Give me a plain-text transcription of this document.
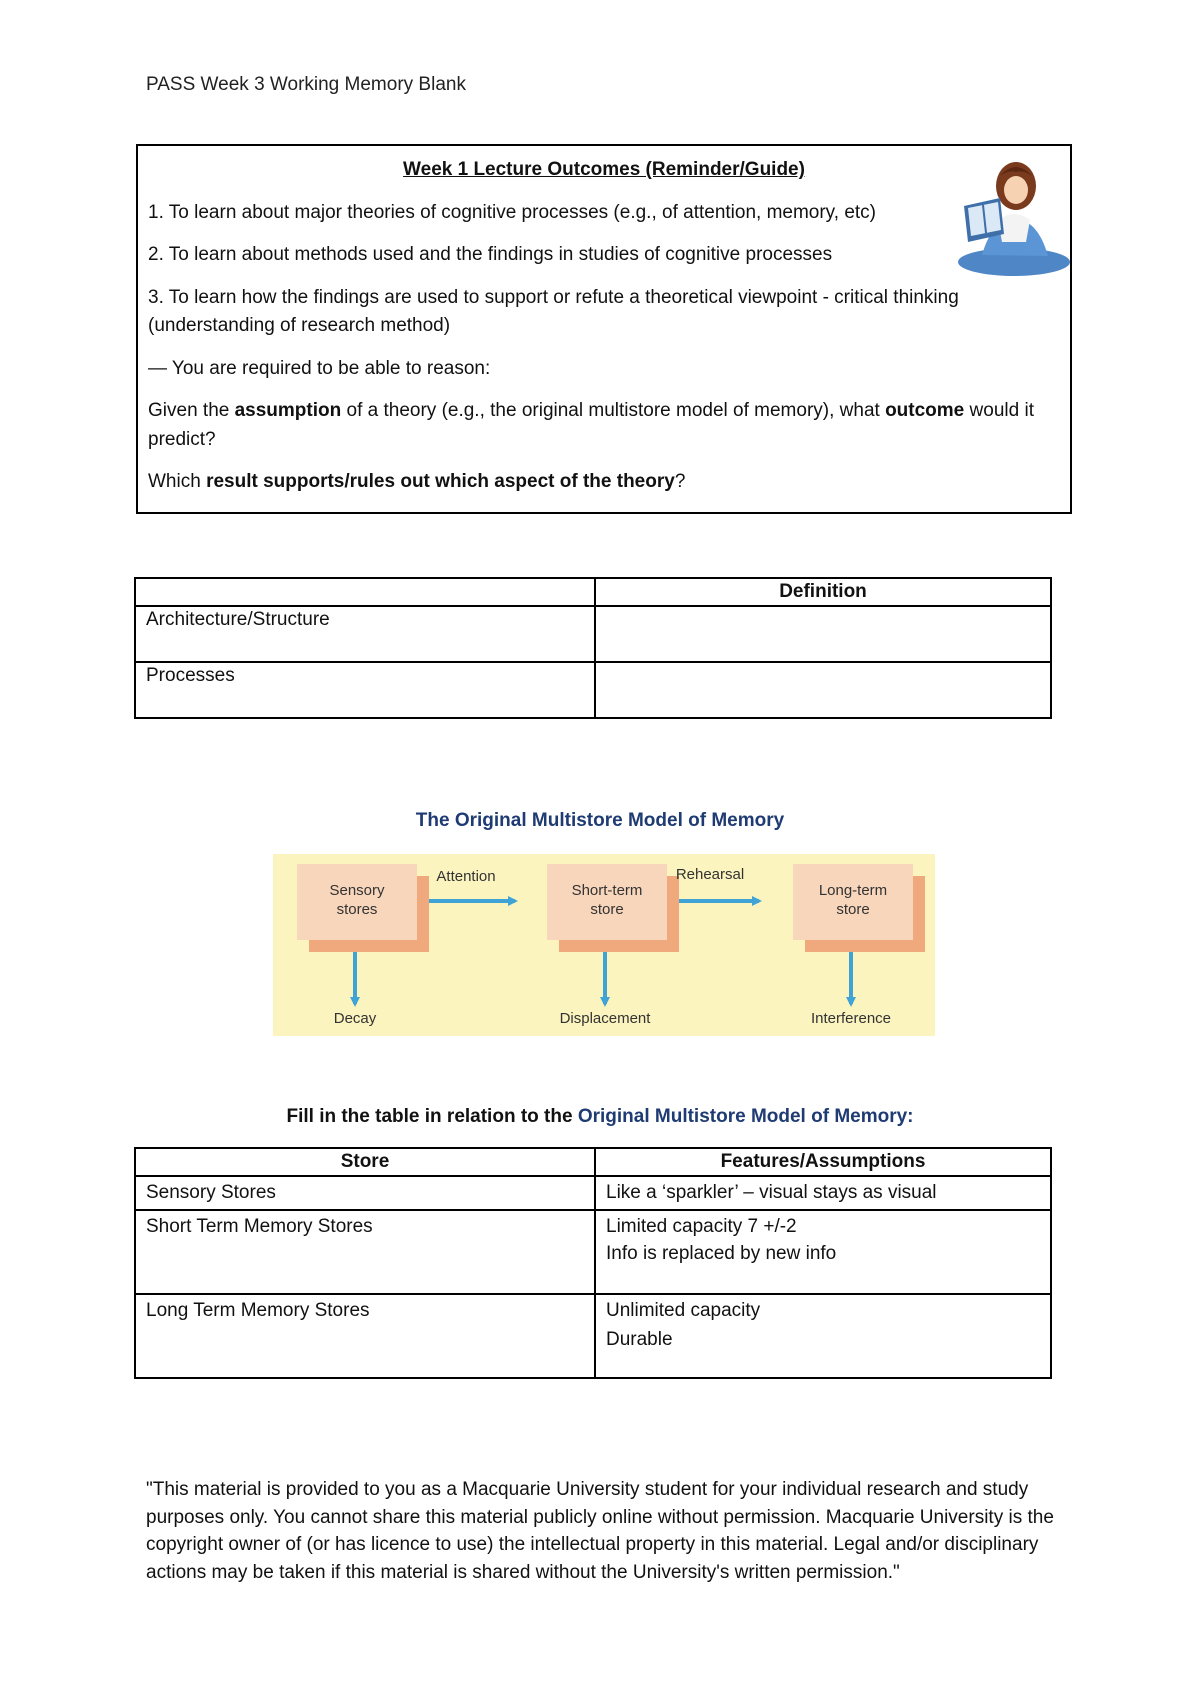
PASS Week 3 Working Memory Blank
Week 1 Lecture Outcomes (Reminder/Guide)

1. To learn about major theories of cognitive processes (e.g., of attention, memory, etc)

2. To learn about methods used and the findings in studies of cognitive processes

3. To learn how the findings are used to support or refute a theoretical viewpoint - critical thinking (understanding of research method)

— You are required to be able to reason:

Given the assumption of a theory (e.g., the original multistore model of memory), what outcome would it predict?

Which result supports/rules out which aspect of the theory?

	Definition
Architecture/Structure	
Processes	
The Original Multistore Model of Memory
Sensory
stores
Short-term
store
Long-term
store
Attention	Rehearsal
Decay	Displacement	Interference
Fill in the table in relation to the Original Multistore Model of Memory:
Store	Features/Assumptions
Sensory Stores	Like a ‘sparkler’ – visual stays as visual

Short Term Memory Stores	Limited capacity 7 +/-2
Info is replaced by new info

Long Term Memory Stores	Unlimited capacity
Durable
"This material is provided to you as a Macquarie University student for your individual research and study purposes only. You cannot share this material publicly online without permission. Macquarie University is the copyright owner of (or has licence to use) the intellectual property in this material. Legal and/or disciplinary actions may be taken if this material is shared without the University's written permission."
